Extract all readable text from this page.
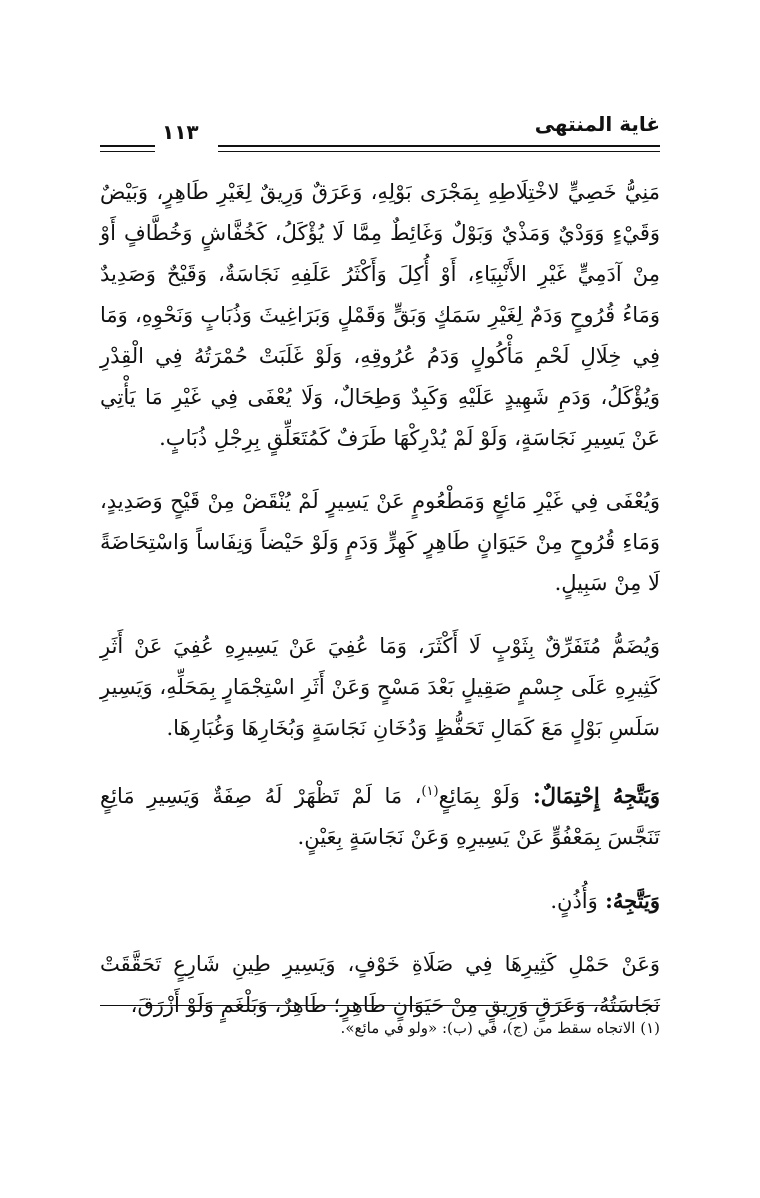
غاية المنتهى
١١٣

مَنِيُّ خَصِيٍّ لاخْتِلَاطِهِ بِمَجْرَى بَوْلِهِ، وَعَرَقٌ وَرِيقٌ لِغَيْرِ طَاهِرٍ، وَبَيْضٌ وَقَيْءٍ وَوَدْيٌ وَمَذْيٌ وَبَوْلٌ وَغَائِطٌ مِمَّا لَا يُؤْكَلُ، كَخُفَّاشٍ وَخُطَّافٍ أَوْ مِنْ آدَمِيٍّ غَيْرِ الأَنْبِيَاءِ، أَوْ أُكِلَ وَأَكْثَرُ عَلَفِهِ نَجَاسَةٌ، وَقَيْحٌ وَصَدِيدٌ وَمَاءُ قُرُوحٍ وَدَمٌ لِغَيْرِ سَمَكٍ وَبَقٍّ وَقَمْلٍ وَبَرَاغِيثَ وَذُبَابٍ وَنَحْوِهِ، وَمَا فِي خِلَالِ لَحْمِ مَأْكُولٍ وَدَمُ عُرُوقِهِ، وَلَوْ غَلَبَتْ حُمْرَتُهُ فِي الْقِدْرِ وَيُؤْكَلُ، وَدَمِ شَهِيدٍ عَلَيْهِ وَكَبِدٌ وَطِحَالٌ، وَلَا يُعْفَى فِي غَيْرِ مَا يَأْتِي عَنْ يَسِيرِ نَجَاسَةٍ، وَلَوْ لَمْ يُدْرِكْهَا طَرَفٌ كَمُتَعَلِّقٍ بِرِجْلِ ذُبَابٍ.

وَيُعْفَى فِي غَيْرِ مَائِعٍ وَمَطْعُومٍ عَنْ يَسِيرٍ لَمْ يُنْقَضْ مِنْ قَيْحٍ وَصَدِيدٍ، وَمَاءِ قُرُوحٍ مِنْ حَيَوَانٍ طَاهِرٍ كَهِرٍّ وَدَمٍ وَلَوْ حَيْضاً وَنِفَاساً وَاسْتِحَاضَةً لَا مِنْ سَبِيلٍ.

وَيُضَمُّ مُتَفَرِّقٌ بِثَوْبٍ لَا أَكْثَرَ، وَمَا عُفِيَ عَنْ يَسِيرِهِ عُفِيَ عَنْ أَثَرِ كَثِيرِهِ عَلَى جِسْمٍ صَقِيلٍ بَعْدَ مَسْحٍ وَعَنْ أَثَرِ اسْتِجْمَارٍ بِمَحَلِّهِ، وَيَسِيرِ سَلَسِ بَوْلٍ مَعَ كَمَالِ تَحَفُّظٍ وَدُخَانِ نَجَاسَةٍ وَبُخَارِهَا وَغُبَارِهَا.

وَيَتَّجِهُ إِحْتِمَالٌ: وَلَوْ بِمَائِعٍ$^{(١)}$، مَا لَمْ تَظْهَرْ لَهُ صِفَةٌ وَيَسِيرِ مَائِعٍ تَنَجَّسَ بِمَعْفُوٍّ عَنْ يَسِيرِهِ وَعَنْ نَجَاسَةٍ بِعَيْنٍ.

وَيَتَّجِهُ: وَأُذُنٍ.

وَعَنْ حَمْلِ كَثِيرِهَا فِي صَلَاةِ خَوْفٍ، وَيَسِيرِ طِينِ شَارِعٍ تَحَقَّقَتْ نَجَاسَتُهُ، وَعَرَقٍ وَرِيقٍ مِنْ حَيَوَانٍ طَاهِرٍ؛ طَاهِرٌ، وَبَلْغَمٍ وَلَوْ أَزْرَقَ،

(١) الاتجاه سقط من (ج)، في (ب): «ولو في مائع».
